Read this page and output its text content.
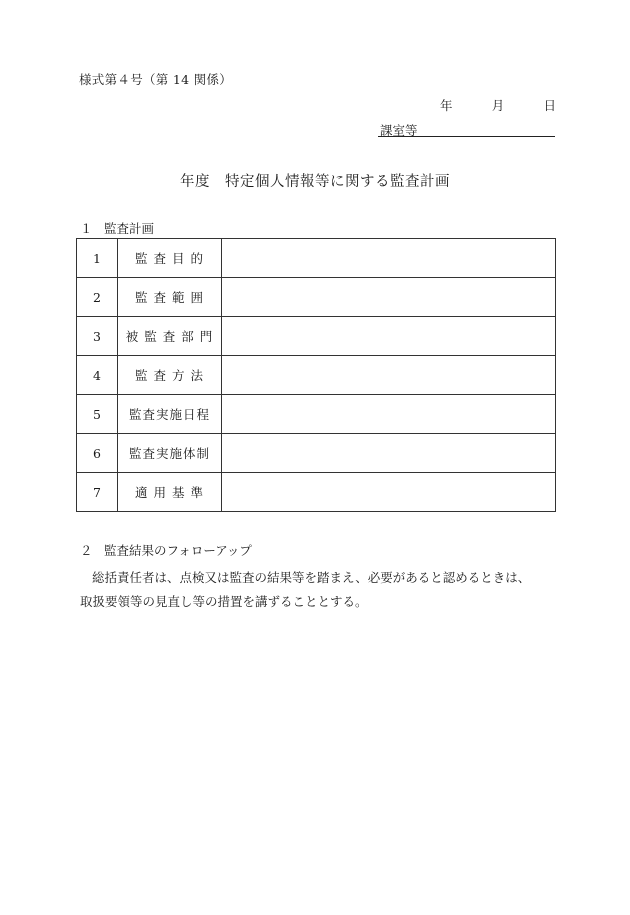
様式第４号（第 14 関係）
年	月	日
課室等
年度　特定個人情報等に関する監査計画
１ 監査計画
1	監 査 目 的	
2	監 査 範 囲	
3	被 監 査 部 門	
4	監 査 方 法	
5	監査実施日程	
6	監査実施体制	
7	適 用 基 準	
２ 監査結果のフォローアップ

総括責任者は、点検又は監査の結果等を踏まえ、必要があると認めるときは、

取扱要領等の見直し等の措置を講ずることとする。
